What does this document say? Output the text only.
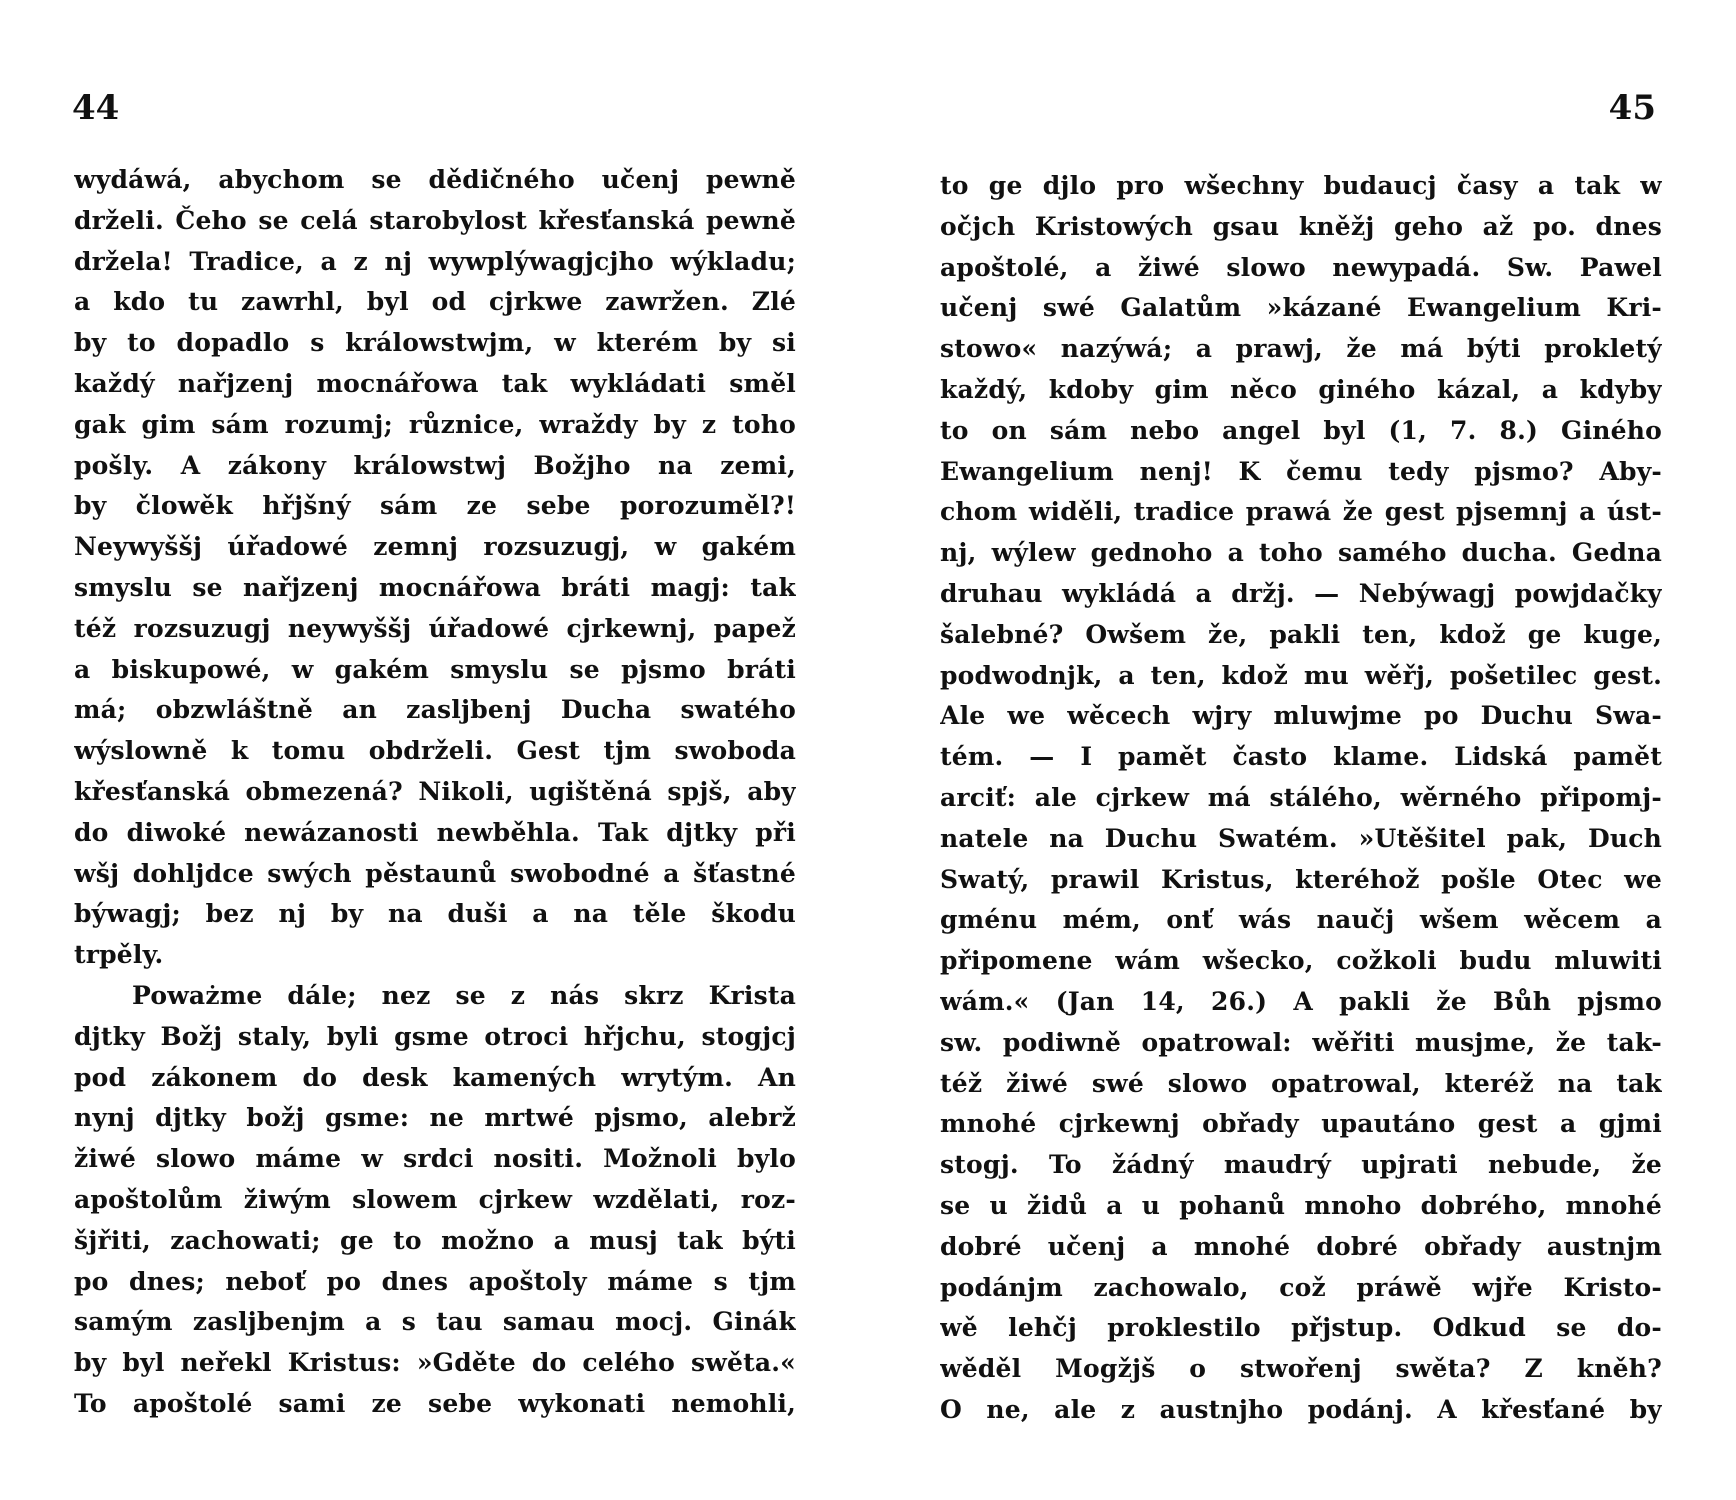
44
wydáwá, abychom se dědičného učenj pewně
drželi. Čeho se celá starobylost křesťanská pewně
držela! Tradice, a z nj wywplýwagjcjho wýkladu;
a kdo tu zawrhl, byl od cjrkwe zawržen. Zlé
by to dopadlo s králowstwjm, w kterém by si
každý nařjzenj mocnářowa tak wykládati směl
gak gim sám rozumj; různice, wraždy by z toho
pošly. A zákony králowstwj Božjho na zemi,
by člowěk hřjšný sám ze sebe porozuměl?!
Neywyššj úřadowé zemnj rozsuzugj, w gakém
smyslu se nařjzenj mocnářowa bráti magj: tak
též rozsuzugj neywyššj úřadowé cjrkewnj, papež
a biskupowé, w gakém smyslu se pjsmo bráti
má; obzwláštně an zasljbenj Ducha swatého
wýslowně k tomu obdrželi. Gest tjm swoboda
křesťanská obmezená? Nikoli, ugištěná spjš, aby
do diwoké newázanosti newběhla. Tak djtky při
wšj dohljdce swých pěstaunů swobodné a šťastné
býwagj; bez nj by na duši a na těle škodu
trpěly.
Poważme dále; nez se z nás skrz Krista
djtky Božj staly, byli gsme otroci hřjchu, stogjcj
pod zákonem do desk kamených wrytým. An
nynj djtky božj gsme: ne mrtwé pjsmo, alebrž
žiwé slowo máme w srdci nositi. Možnoli bylo
apoštolům žiwým slowem cjrkew wzdělati, roz-
šjřiti, zachowati; ge to možno a musj tak býti
po dnes; neboť po dnes apoštoly máme s tjm
samým zasljbenjm a s tau samau mocj. Ginák
by byl neřekl Kristus: »Gděte do celého swěta.«
To apoštolé sami ze sebe wykonati nemohli,
45
to ge djlo pro wšechny budaucj časy a tak w
očjch Kristowých gsau kněžj geho až po. dnes
apoštolé, a žiwé slowo newypadá. Sw. Pawel
učenj swé Galatům »kázané Ewangelium Kri-
stowo« nazýwá; a prawj, že má býti prokletý
každý, kdoby gim něco giného kázal, a kdyby
to on sám nebo angel byl (1, 7. 8.) Giného
Ewangelium nenj! K čemu tedy pjsmo? Aby-
chom widěli, tradice prawá že gest pjsemnj a úst-
nj, wýlew gednoho a toho samého ducha. Gedna
druhau wykládá a držj. — Nebýwagj powjdačky
šalebné? Owšem že, pakli ten, kdož ge kuge,
podwodnjk, a ten, kdož mu wěřj, pošetilec gest.
Ale we wěcech wjry mluwjme po Duchu Swa-
tém. — I pamět často klame. Lidská pamět
arciť: ale cjrkew má stálého, wěrného připomj-
natele na Duchu Swatém. »Utěšitel pak, Duch
Swatý, prawil Kristus, kteréhož pošle Otec we
gménu mém, onť wás naučj wšem wěcem a
připomene wám wšecko, cožkoli budu mluwiti
wám.« (Jan 14, 26.) A pakli že Bůh pjsmo
sw. podiwně opatrowal: wěřiti musjme, že tak-
též žiwé swé slowo opatrowal, kteréž na tak
mnohé cjrkewnj obřady upautáno gest a gjmi
stogj. To žádný maudrý upjrati nebude, že
se u židů a u pohanů mnoho dobrého, mnohé
dobré učenj a mnohé dobré obřady austnjm
podánjm zachowalo, což práwě wjře Kristo-
wě lehčj proklestilo přjstup. Odkud se do-
wěděl Mogžjš o stwořenj swěta? Z kněh?
O ne, ale z austnjho podánj. A křesťané by
